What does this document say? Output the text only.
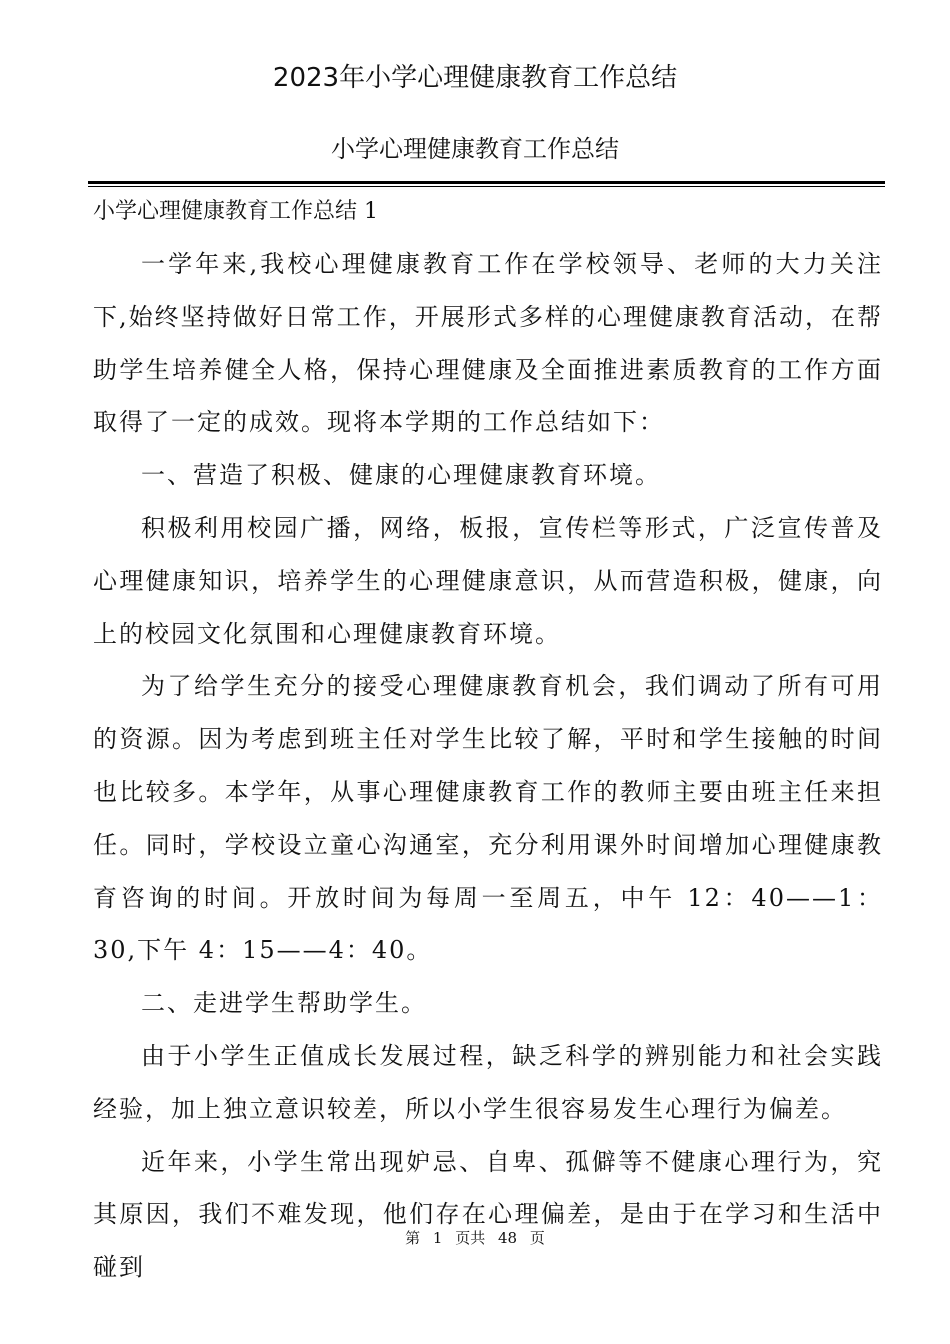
2023年小学心理健康教育工作总结
小学心理健康教育工作总结
小学心理健康教育工作总结 1

一学年来,我校心理健康教育工作在学校领导、老师的大力关注下,始终坚持做好日常工作，开展形式多样的心理健康教育活动，在帮助学生培养健全人格，保持心理健康及全面推进素质教育的工作方面取得了一定的成效。现将本学期的工作总结如下：

一、营造了积极、健康的心理健康教育环境。

积极利用校园广播，网络，板报，宣传栏等形式，广泛宣传普及心理健康知识，培养学生的心理健康意识，从而营造积极，健康，向上的校园文化氛围和心理健康教育环境。

为了给学生充分的接受心理健康教育机会，我们调动了所有可用的资源。因为考虑到班主任对学生比较了解，平时和学生接触的时间也比较多。本学年，从事心理健康教育工作的教师主要由班主任来担任。同时，学校设立童心沟通室，充分利用课外时间增加心理健康教育咨询的时间。开放时间为每周一至周五，中午 12：40——1：30,下午 4：15——4：40。

二、走进学生帮助学生。

由于小学生正值成长发展过程，缺乏科学的辨别能力和社会实践经验，加上独立意识较差，所以小学生很容易发生心理行为偏差。

近年来，小学生常出现妒忌、自卑、孤僻等不健康心理行为，究其原因，我们不难发现，他们存在心理偏差，是由于在学习和生活中碰到

第 1 页共 48 页
